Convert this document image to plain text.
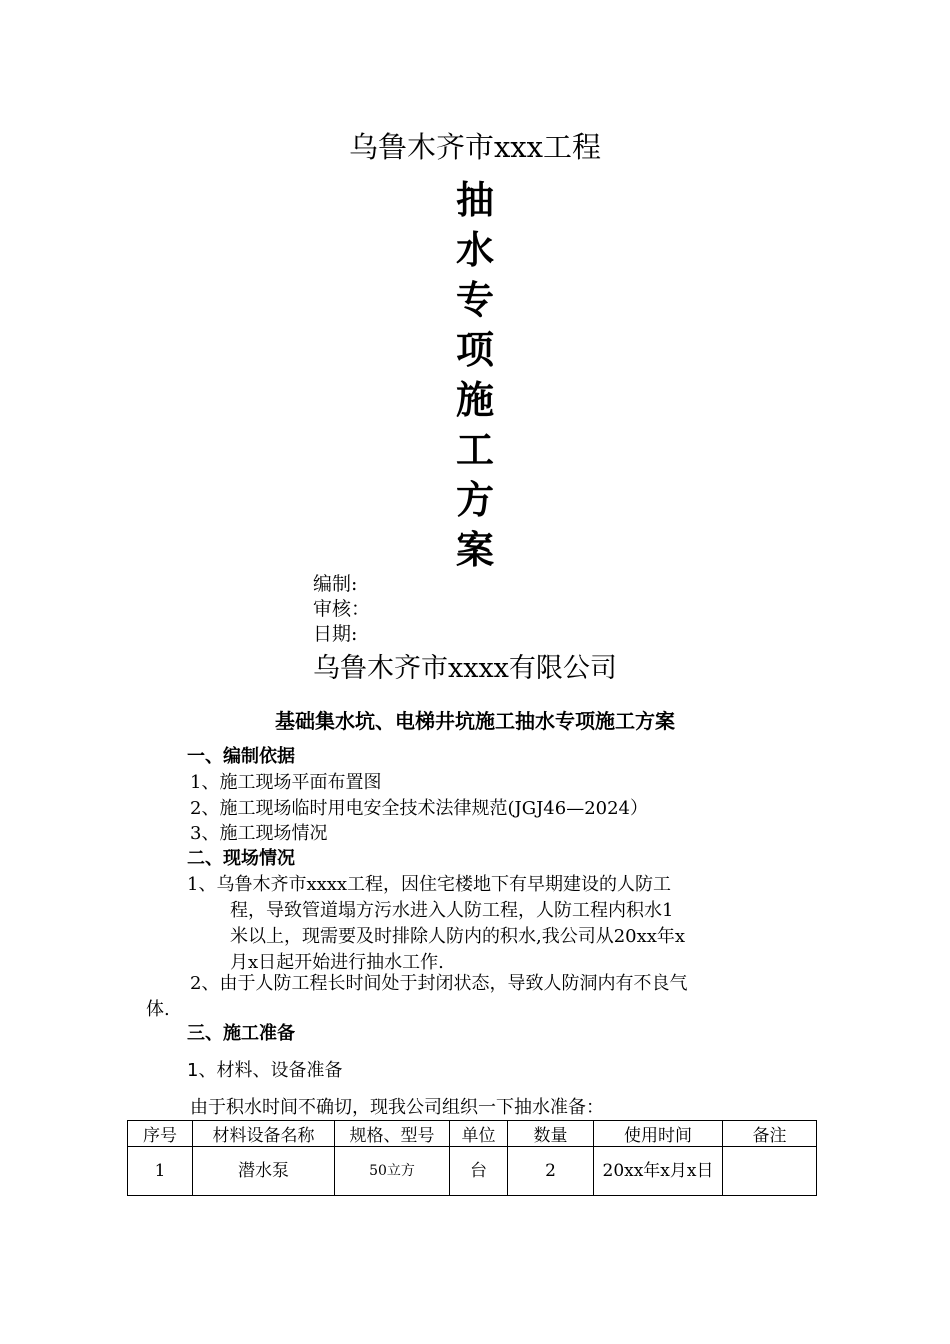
乌鲁木齐市xxx工程
抽
水
专
项
施
工
方
案
编制:
审核：
日期:
乌鲁木齐市xxxx有限公司
基础集水坑、电梯井坑施工抽水专项施工方案
一、编制依据
1、施工现场平面布置图
2、施工现场临时用电安全技术法律规范(JGJ46—2024）
3、施工现场情况
二、现场情况
1、乌鲁木齐市xxxx工程，因住宅楼地下有早期建设的人防工
程，导致管道塌方污水进入人防工程，人防工程内积水1
米以上，现需要及时排除人防内的积水,我公司从20xx年x
月x日起开始进行抽水工作.
2、由于人防工程长时间处于封闭状态，导致人防洞内有不良气
体.
三、施工准备
1、材料、设备准备
由于积水时间不确切，现我公司组织一下抽水准备：
序号	材料设备名称	规格、型号	单位	数量	使用时间	备注
1	潜水泵	50立方	台	2	20xx年x月x日	
